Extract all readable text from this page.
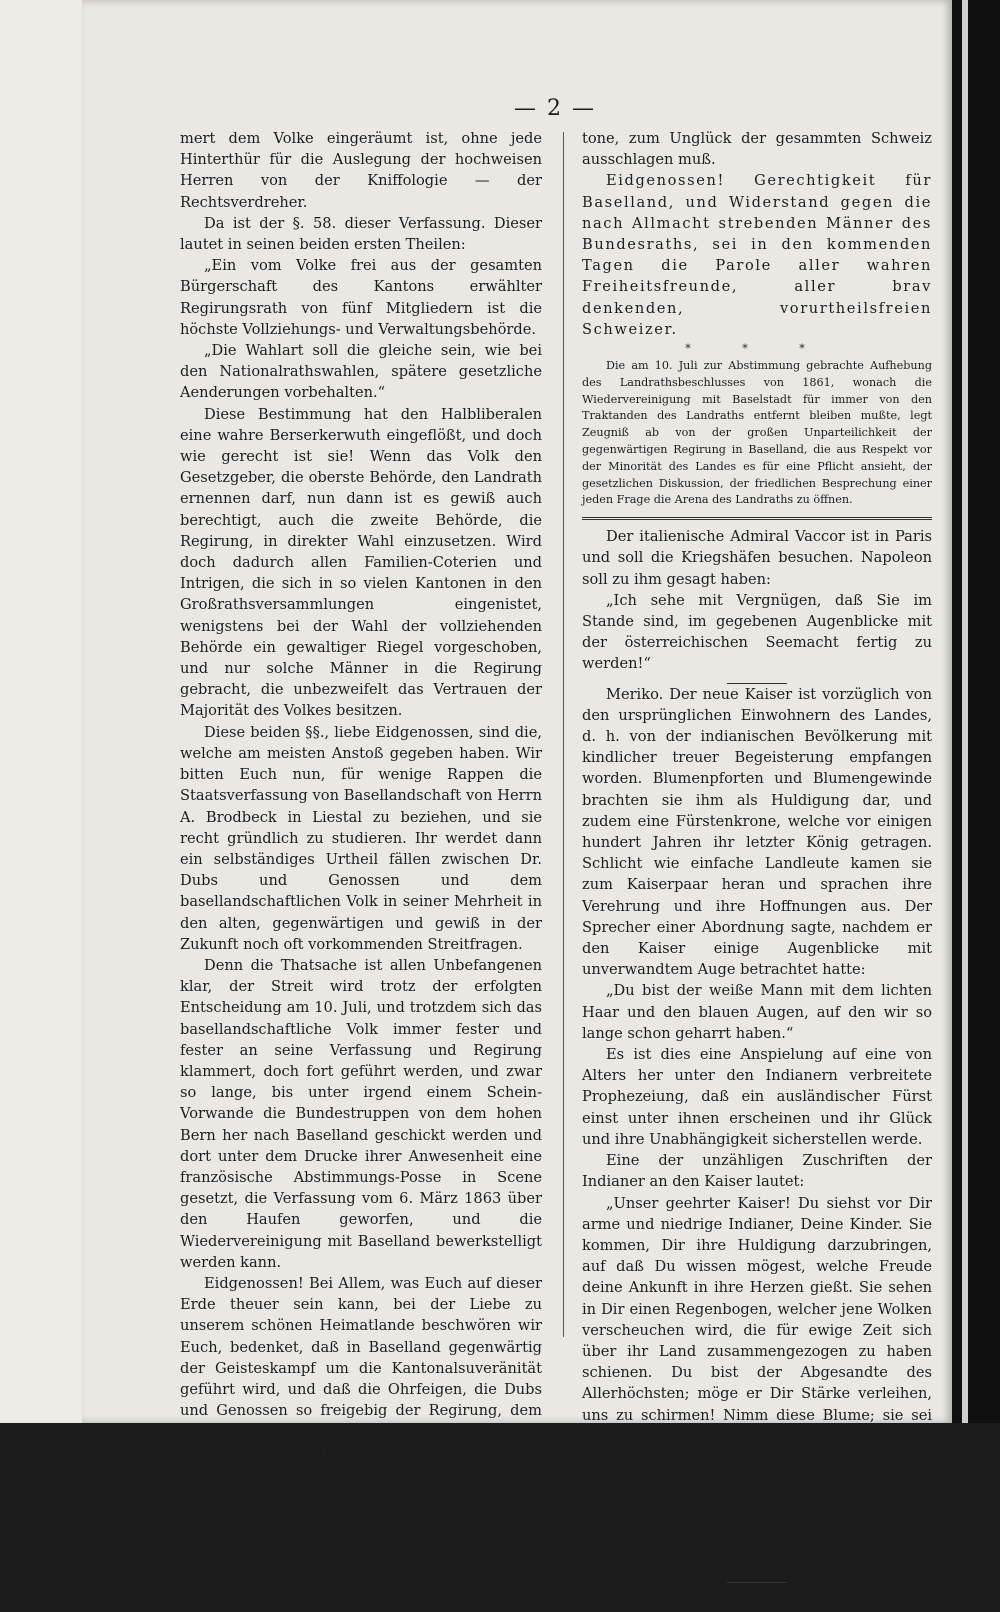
— 2 —

mert dem Volke eingeräumt ist, ohne jede Hinterthür für die Auslegung der hochweisen Herren von der Kniffologie — der Rechtsverdreher.

Da ist der §. 58. dieser Verfassung. Dieser lautet in seinen beiden ersten Theilen:

„Ein vom Volke frei aus der gesamten Bürgerschaft des Kantons erwählter Regirungsrath von fünf Mitgliedern ist die höchste Vollziehungs- und Verwaltungsbehörde.

„Die Wahlart soll die gleiche sein, wie bei den Nationalrathswahlen, spätere gesetzliche Aenderungen vorbehalten.“

Diese Bestimmung hat den Halbliberalen eine wahre Berserkerwuth eingeflößt, und doch wie gerecht ist sie! Wenn das Volk den Gesetzgeber, die oberste Behörde, den Landrath ernennen darf, nun dann ist es gewiß auch berechtigt, auch die zweite Behörde, die Regirung, in direkter Wahl einzusetzen. Wird doch dadurch allen Familien-Coterien und Intrigen, die sich in so vielen Kantonen in den Großrathsversammlungen eingenistet, wenigstens bei der Wahl der vollziehenden Behörde ein gewaltiger Riegel vorgeschoben, und nur solche Männer in die Regirung gebracht, die unbezweifelt das Vertrauen der Majorität des Volkes besitzen.

Diese beiden §§., liebe Eidgenossen, sind die, welche am meisten Anstoß gegeben haben. Wir bitten Euch nun, für wenige Rappen die Staatsverfassung von Basellandschaft von Herrn A. Brodbeck in Liestal zu beziehen, und sie recht gründlich zu studieren. Ihr werdet dann ein selbständiges Urtheil fällen zwischen Dr. Dubs und Genossen und dem basellandschaftlichen Volk in seiner Mehrheit in den alten, gegenwärtigen und gewiß in der Zukunft noch oft vorkommenden Streitfragen.

Denn die Thatsache ist allen Unbefangenen klar, der Streit wird trotz der erfolgten Entscheidung am 10. Juli, und trotzdem sich das basellandschaftliche Volk immer fester und fester an seine Verfassung und Regirung klammert, doch fort geführt werden, und zwar so lange, bis unter irgend einem Schein-Vorwande die Bundestruppen von dem hohen Bern her nach Baselland geschickt werden und dort unter dem Drucke ihrer Anwesenheit eine französische Abstimmungs-Posse in Scene gesetzt, die Verfassung vom 6. März 1863 über den Haufen geworfen, und die Wiedervereinigung mit Baselland bewerkstelligt werden kann.

Eidgenossen! Bei Allem, was Euch auf dieser Erde theuer sein kann, bei der Liebe zu unserem schönen Heimatlande beschwören wir Euch, bedenket, daß in Baselland gegenwärtig der Geisteskampf um die Kantonalsuveränität geführt wird, und daß die Ohrfeigen, die Dubs und Genossen so freigebig der Regirung, dem Volke eines kleinen Kantons ertheilen, von Euch stillschweigend gut geheißen werden, weil Ihr zum Theil von einer verdorbenen gar wohl bezahlten Presse irre geleitet seid; bedenket, daß diese Ohrfeigen Euch unsägliche Nachtheile für die eigene Suveränität bereiten und Präcedenzfälle schaffen helfen, die dem Bundesrathe eine unerhörte Allmacht nach und nach zuführen, die zum Schaden der Kan-

tone, zum Unglück der gesammten Schweiz ausschlagen muß.

Eidgenossen! Gerechtigkeit für Baselland, und Widerstand gegen die nach Allmacht strebenden Männer des Bundesraths, sei in den kommenden Tagen die Parole aller wahren Freiheitsfreunde, aller brav denkenden, vorurtheilsfreien Schweizer.

* * *

Die am 10. Juli zur Abstimmung gebrachte Aufhebung des Landrathsbeschlusses von 1861, wonach die Wiedervereinigung mit Baselstadt für immer von den Traktanden des Landraths entfernt bleiben mußte, legt Zeugniß ab von der großen Unparteilichkeit der gegenwärtigen Regirung in Baselland, die aus Respekt vor der Minorität des Landes es für eine Pflicht ansieht, der gesetzlichen Diskussion, der friedlichen Besprechung einer jeden Frage die Arena des Landraths zu öffnen.

Der italienische Admiral Vaccor ist in Paris und soll die Kriegshäfen besuchen. Napoleon soll zu ihm gesagt haben:

„Ich sehe mit Vergnügen, daß Sie im Stande sind, im gegebenen Augenblicke mit der österreichischen Seemacht fertig zu werden!“

Meriko. Der neue Kaiser ist vorzüglich von den ursprünglichen Einwohnern des Landes, d. h. von der indianischen Bevölkerung mit kindlicher treuer Begeisterung empfangen worden. Blumenpforten und Blumengewinde brachten sie ihm als Huldigung dar, und zudem eine Fürstenkrone, welche vor einigen hundert Jahren ihr letzter König getragen. Schlicht wie einfache Landleute kamen sie zum Kaiserpaar heran und sprachen ihre Verehrung und ihre Hoffnungen aus. Der Sprecher einer Abordnung sagte, nachdem er den Kaiser einige Augenblicke mit unverwandtem Auge betrachtet hatte:

„Du bist der weiße Mann mit dem lichten Haar und den blauen Augen, auf den wir so lange schon geharrt haben.“

Es ist dies eine Anspielung auf eine von Alters her unter den Indianern verbreitete Prophezeiung, daß ein ausländischer Fürst einst unter ihnen erscheinen und ihr Glück und ihre Unabhängigkeit sicherstellen werde.

Eine der unzähligen Zuschriften der Indianer an den Kaiser lautet:

„Unser geehrter Kaiser! Du siehst vor Dir arme und niedrige Indianer, Deine Kinder. Sie kommen, Dir ihre Huldigung darzubringen, auf daß Du wissen mögest, welche Freude deine Ankunft in ihre Herzen gießt. Sie sehen in Dir einen Regenbogen, welcher jene Wolken verscheuchen wird, die für ewige Zeit sich über ihr Land zusammengezogen zu haben schienen. Du bist der Abgesandte des Allerhöchsten; möge er Dir Stärke verleihen, uns zu schirmen! Nimm diese Blume; sie sei ein Beweis unserer Liebe. Deine Kinder von Naranjal bringen sie Dir dar.“

Die alte Prophezeiung kommt dem Kaiser gut zu Statten; wenn er seine Regirung auf das Vertrauen und die Kraft seiner 5 Millionen Indianer zu stützen sucht, so wird es ihm so bös nicht ergehen.
